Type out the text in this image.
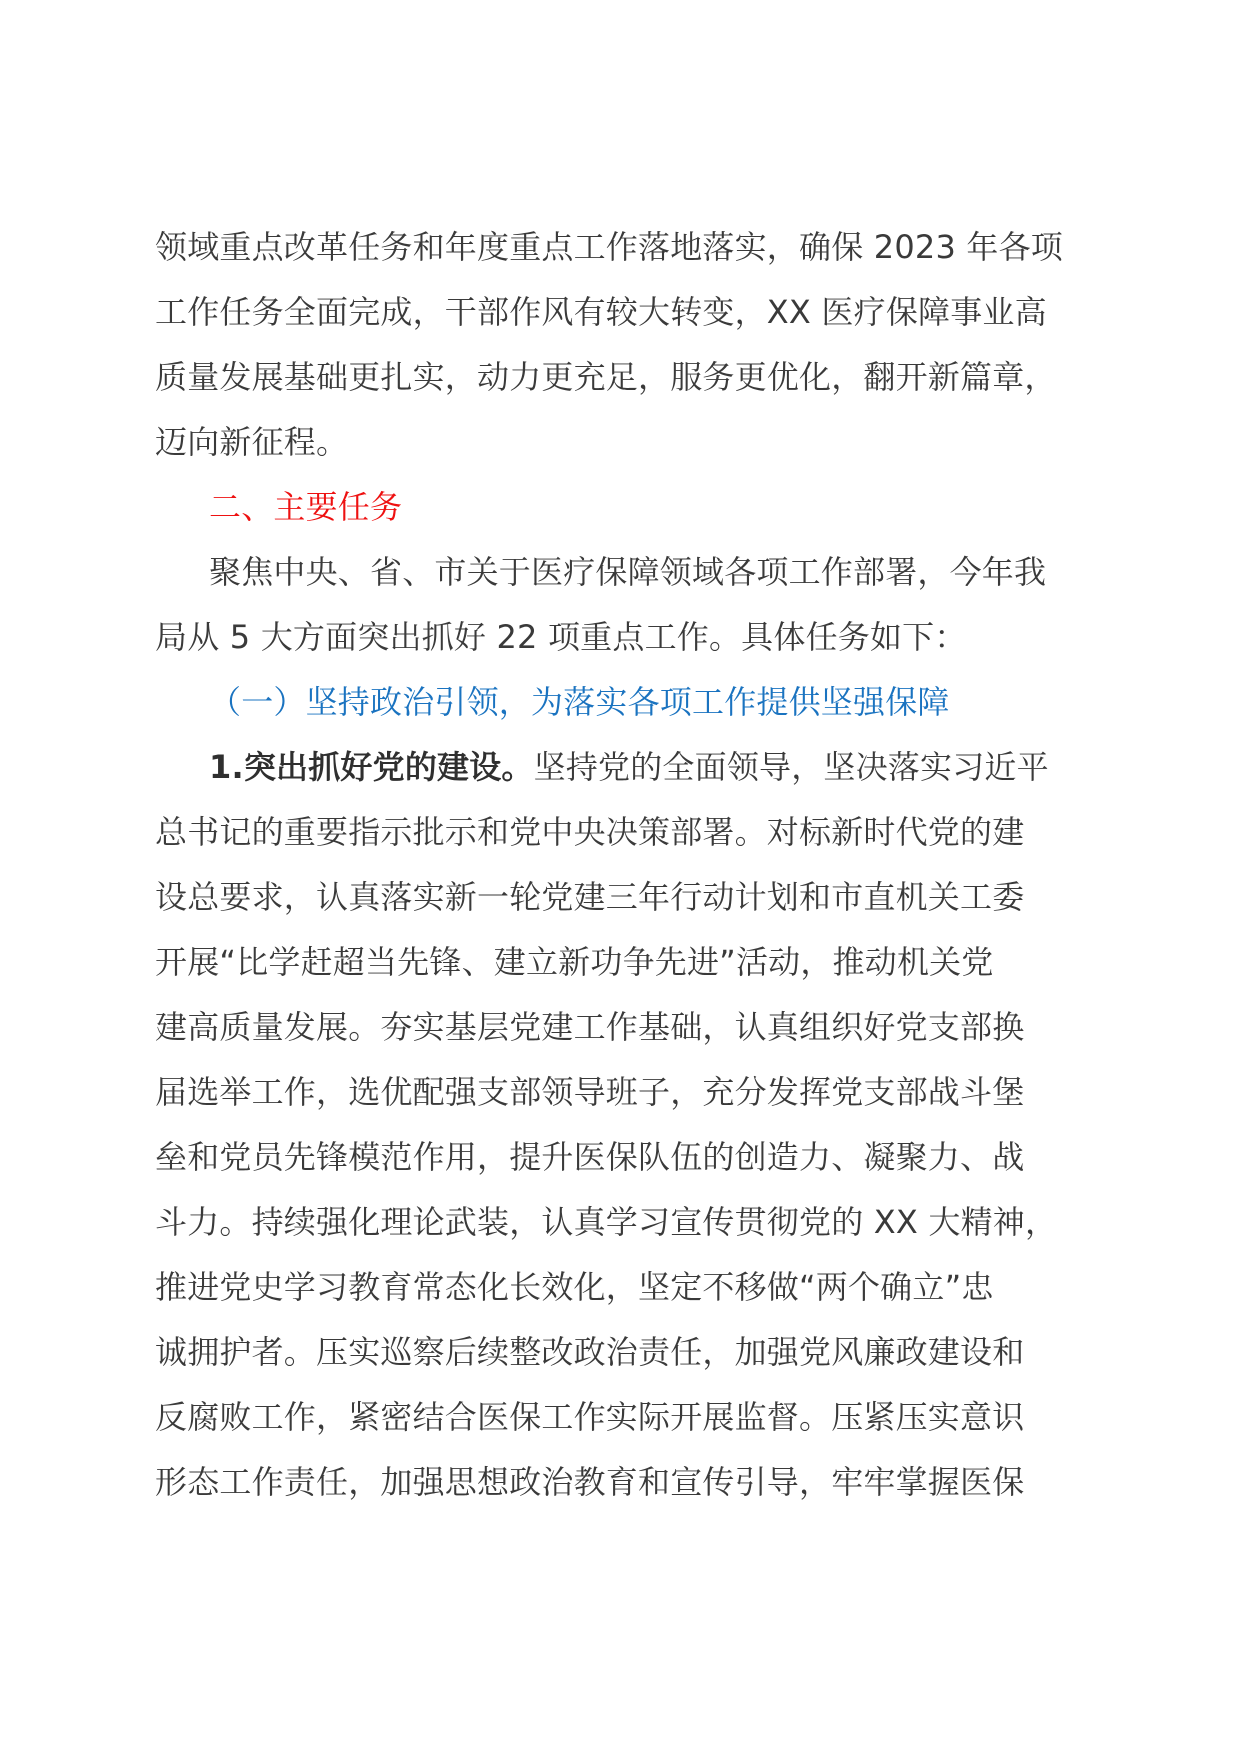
领域重点改革任务和年度重点工作落地落实，确保 2023 年各项
工作任务全面完成，干部作风有较大转变，XX 医疗保障事业高
质量发展基础更扎实，动力更充足，服务更优化，翻开新篇章，
迈向新征程。
二、主要任务
聚焦中央、省、市关于医疗保障领域各项工作部署，今年我
局从 5 大方面突出抓好 22 项重点工作。具体任务如下：
（一）坚持政治引领，为落实各项工作提供坚强保障
1.突出抓好党的建设。坚持党的全面领导，坚决落实习近平
总书记的重要指示批示和党中央决策部署。对标新时代党的建
设总要求，认真落实新一轮党建三年行动计划和市直机关工委
开展“比学赶超当先锋、建立新功争先进”活动，推动机关党
建高质量发展。夯实基层党建工作基础，认真组织好党支部换
届选举工作，选优配强支部领导班子，充分发挥党支部战斗堡
垒和党员先锋模范作用，提升医保队伍的创造力、凝聚力、战
斗力。持续强化理论武装，认真学习宣传贯彻党的 XX 大精神，
推进党史学习教育常态化长效化，坚定不移做“两个确立”忠
诚拥护者。压实巡察后续整改政治责任，加强党风廉政建设和
反腐败工作，紧密结合医保工作实际开展监督。压紧压实意识
形态工作责任，加强思想政治教育和宣传引导，牢牢掌握医保
